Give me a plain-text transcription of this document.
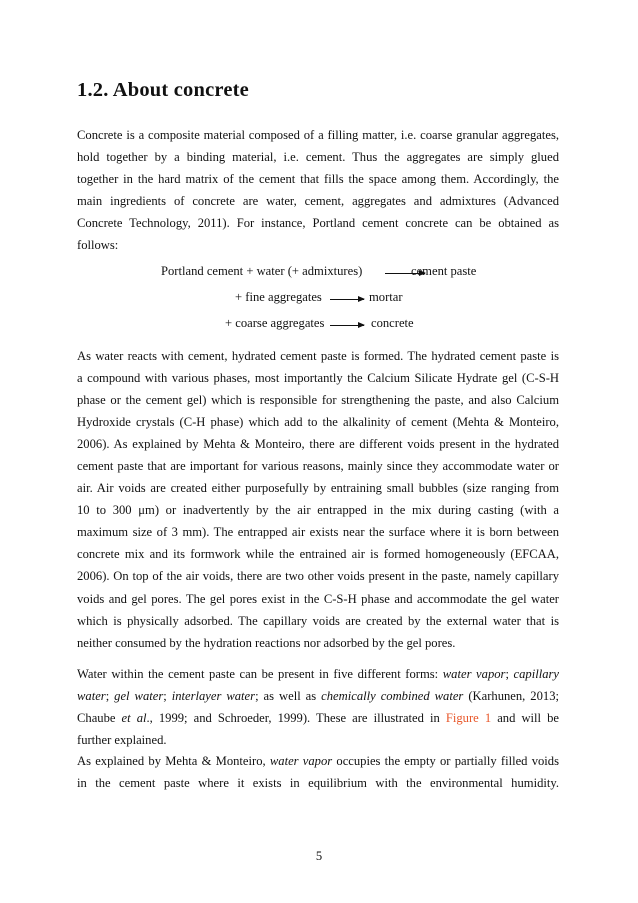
1.2. About concrete

Concrete is a composite material composed of a filling matter, i.e. coarse granular aggregates,
hold together by a binding material, i.e. cement. Thus the aggregates are simply glued
together in the hard matrix of the cement that fills the space among them. Accordingly, the
main ingredients of concrete are water, cement, aggregates and admixtures (Advanced
Concrete Technology, 2011). For instance, Portland cement concrete can be obtained as
follows:

Portland cement + water (+ admixtures)	cement paste
+ fine aggregates	mortar
+ coarse aggregates	concrete

As water reacts with cement, hydrated cement paste is formed. The hydrated cement paste is
a compound with various phases, most importantly the Calcium Silicate Hydrate gel (C-S-H
phase or the cement gel) which is responsible for strengthening the paste, and also Calcium
Hydroxide crystals (C-H phase) which add to the alkalinity of cement (Mehta & Monteiro,
2006). As explained by Mehta & Monteiro, there are different voids present in the hydrated
cement paste that are important for various reasons, mainly since they accommodate water or
air. Air voids are created either purposefully by entraining small bubbles (size ranging from
10 to 300 μm) or inadvertently by the air entrapped in the mix during casting (with a
maximum size of 3 mm). The entrapped air exists near the surface where it is born between
concrete mix and its formwork while the entrained air is formed homogeneously (EFCAA,
2006). On top of the air voids, there are two other voids present in the paste, namely capillary
voids and gel pores. The gel pores exist in the C-S-H phase and accommodate the gel water
which is physically adsorbed. The capillary voids are created by the external water that is
neither consumed by the hydration reactions nor adsorbed by the gel pores.

Water within the cement paste can be present in five different forms: water vapor; capillary
water; gel water; interlayer water; as well as chemically combined water (Karhunen, 2013;
Chaube et al., 1999; and Schroeder, 1999). These are illustrated in Figure 1 and will be
further explained.

As explained by Mehta & Monteiro, water vapor occupies the empty or partially filled voids
in the cement paste where it exists in equilibrium with the environmental humidity.

5
